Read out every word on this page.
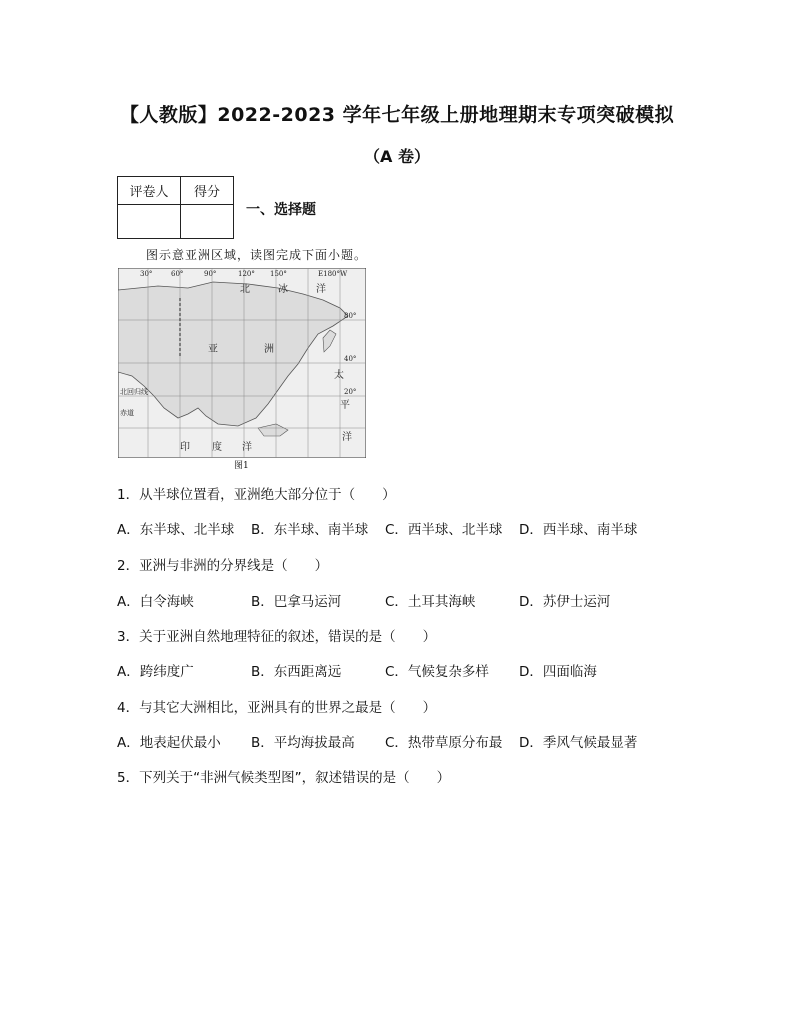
【人教版】2022-2023 学年七年级上册地理期末专项突破模拟
（A 卷）
评卷人	得分

一、选择题
图示意亚洲区域，读图完成下面小题。
30°	60°	90°	120° 150°	E180°W
80°
40°
20°
北	冰	洋
亚	洲
太
平
洋
印 度 洋
北回归线
赤道
图1
1．从半球位置看，亚洲绝大部分位于（　　）
A．东半球、北半球 B．东半球、南半球 C．西半球、北半球 D．西半球、南半球
2．亚洲与非洲的分界线是（　　）
A．白令海峡	B．巴拿马运河	C．土耳其海峡	D．苏伊士运河
3．关于亚洲自然地理特征的叙述，错误的是（　　）
A．跨纬度广	B．东西距离远	C．气候复杂多样 D．四面临海
4．与其它大洲相比，亚洲具有的世界之最是（　　）
A．地表起伏最小 B．平均海拔最高 C．热带草原分布最 D．季风气候最显著
5．下列关于“非洲气候类型图”，叙述错误的是（　　）
